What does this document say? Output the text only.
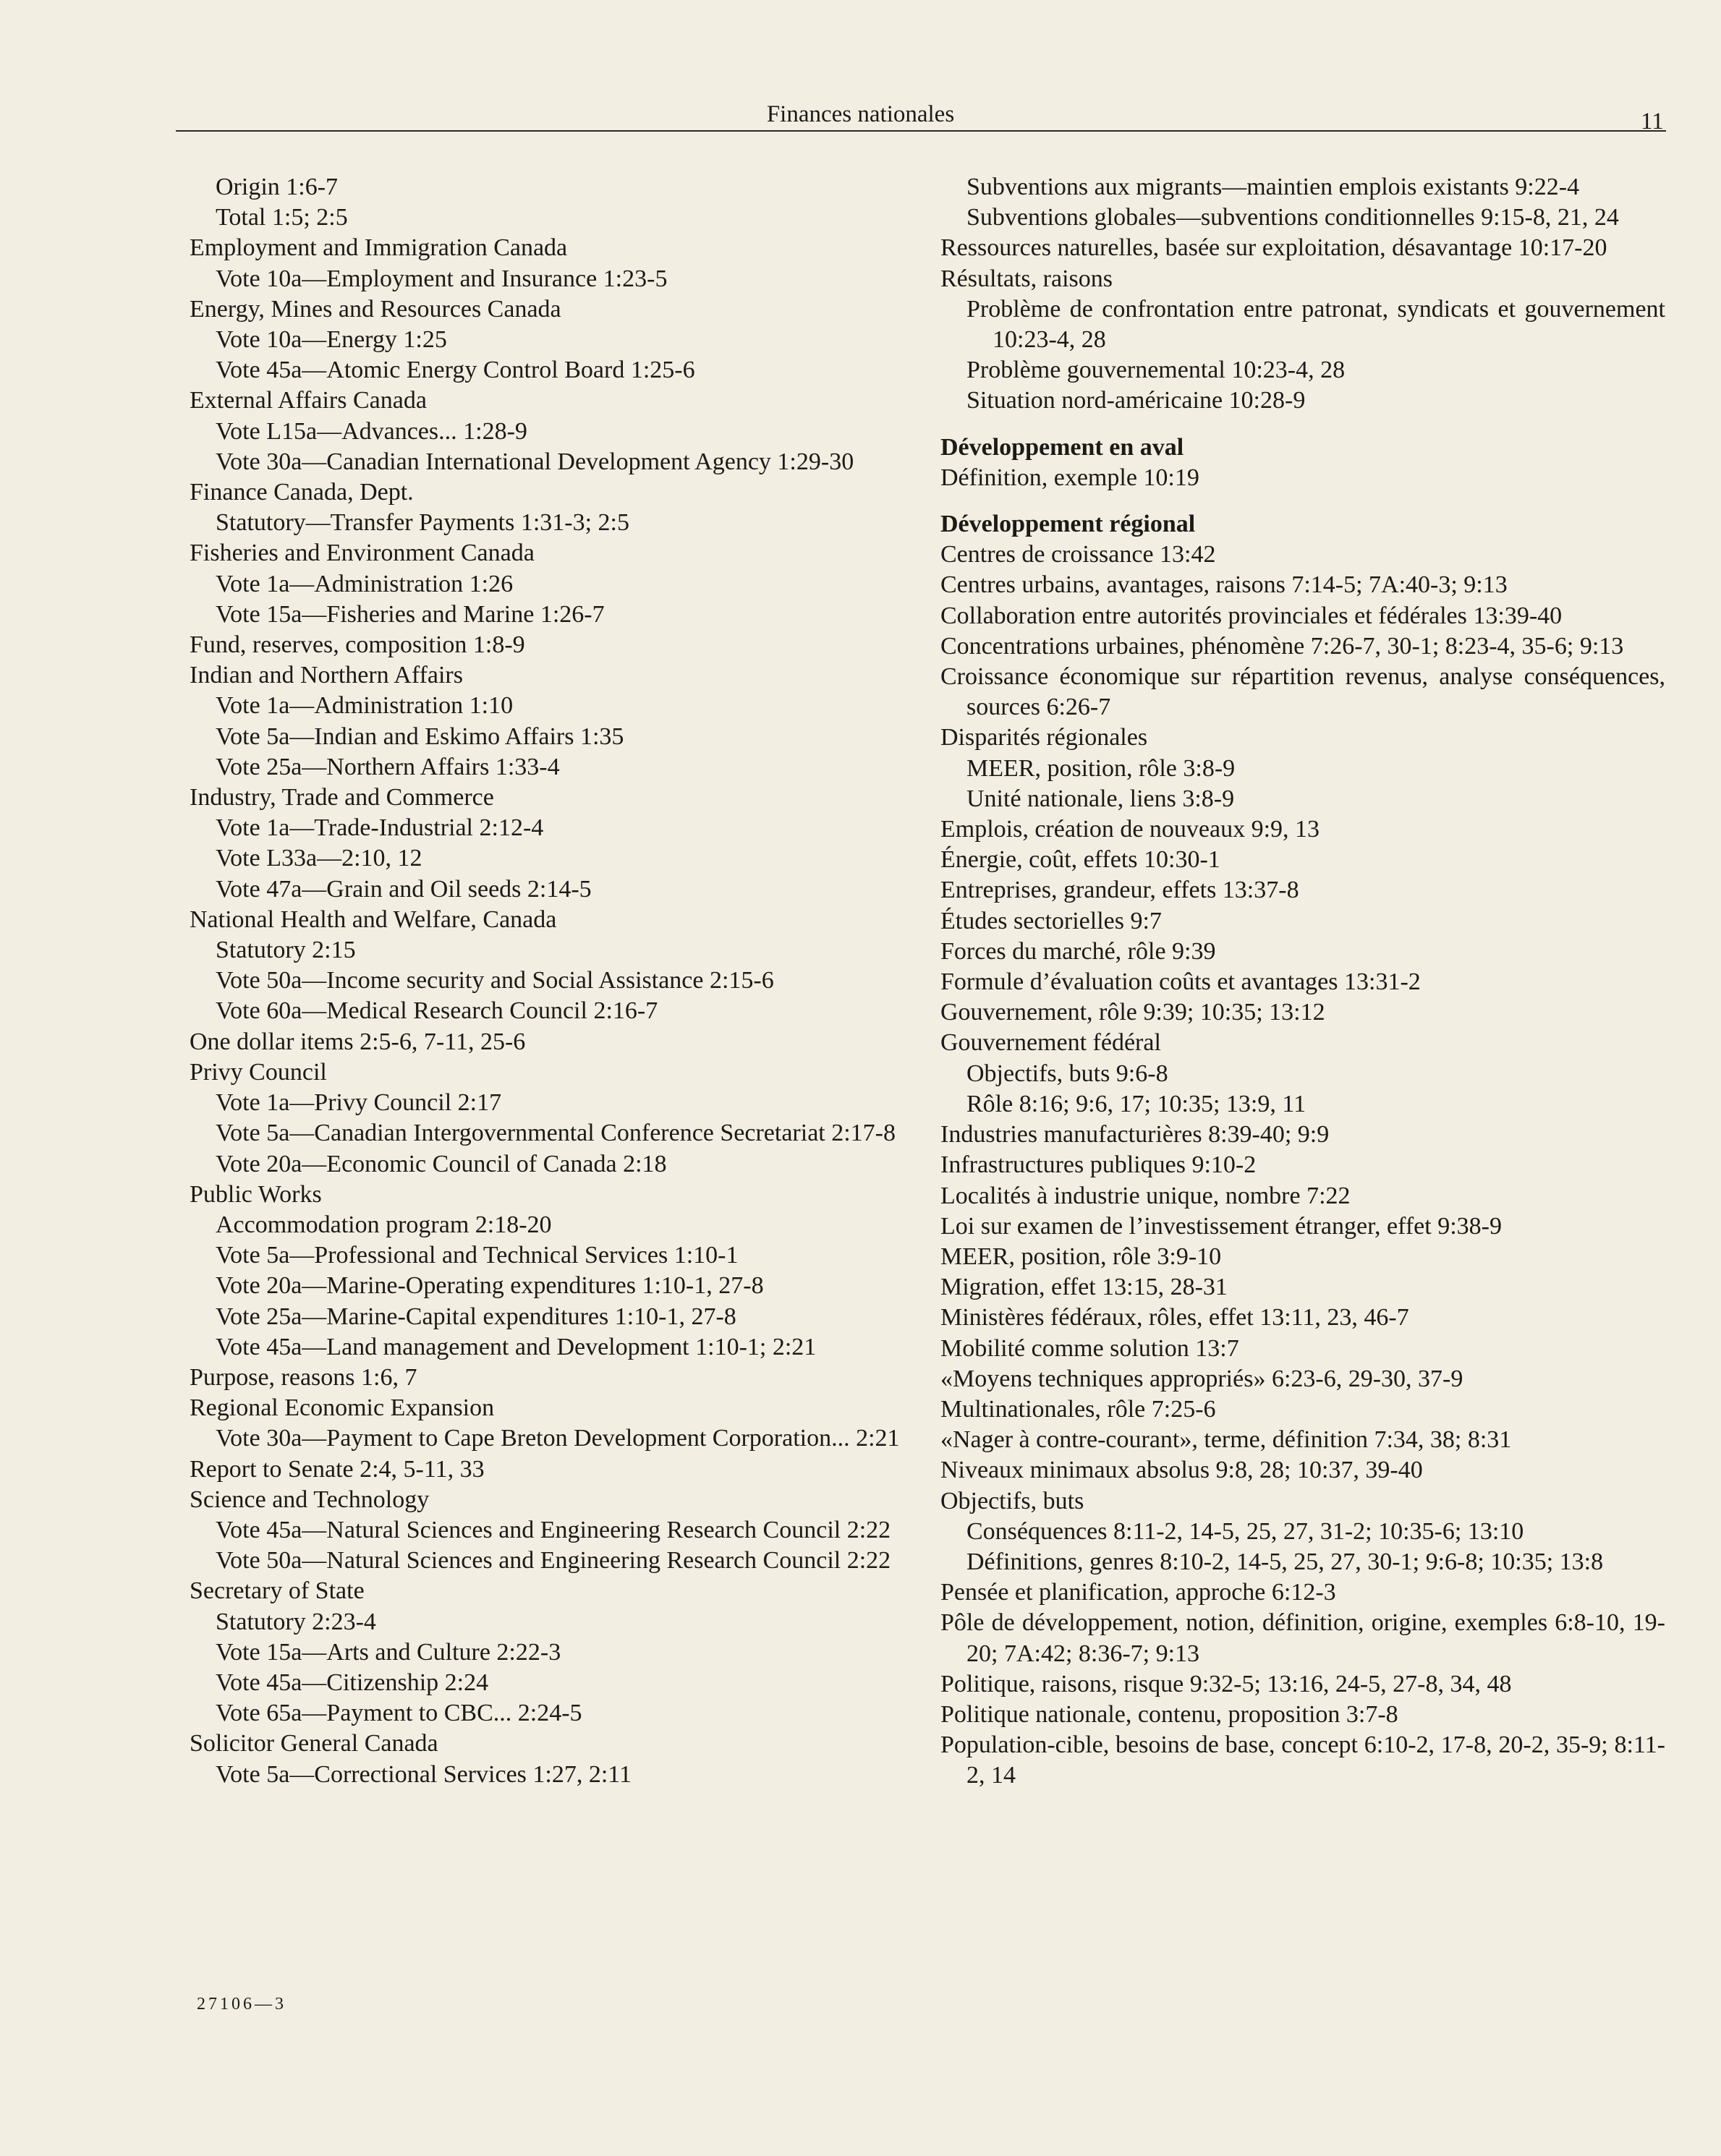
Finances nationales	11

Origin 1:6-7

Total 1:5; 2:5

Employment and Immigration Canada

Vote 10a—Employment and Insurance 1:23-5

Energy, Mines and Resources Canada

Vote 10a—Energy 1:25

Vote 45a—Atomic Energy Control Board 1:25-6

External Affairs Canada

Vote L15a—Advances... 1:28-9

Vote 30a—Canadian International Development Agency 1:29-30

Finance Canada, Dept.

Statutory—Transfer Payments 1:31-3; 2:5

Fisheries and Environment Canada

Vote 1a—Administration 1:26

Vote 15a—Fisheries and Marine 1:26-7

Fund, reserves, composition 1:8-9

Indian and Northern Affairs

Vote 1a—Administration 1:10

Vote 5a—Indian and Eskimo Affairs 1:35

Vote 25a—Northern Affairs 1:33-4

Industry, Trade and Commerce

Vote 1a—Trade-Industrial 2:12-4

Vote L33a—2:10, 12

Vote 47a—Grain and Oil seeds 2:14-5

National Health and Welfare, Canada

Statutory 2:15

Vote 50a—Income security and Social Assistance 2:15-6

Vote 60a—Medical Research Council 2:16-7

One dollar items 2:5-6, 7-11, 25-6

Privy Council

Vote 1a—Privy Council 2:17

Vote 5a—Canadian Intergovernmental Conference Secretariat 2:17-8

Vote 20a—Economic Council of Canada 2:18

Public Works

Accommodation program 2:18-20

Vote 5a—Professional and Technical Services 1:10-1

Vote 20a—Marine-Operating expenditures 1:10-1, 27-8

Vote 25a—Marine-Capital expenditures 1:10-1, 27-8

Vote 45a—Land management and Development 1:10-1; 2:21

Purpose, reasons 1:6, 7

Regional Economic Expansion

Vote 30a—Payment to Cape Breton Development Corporation... 2:21

Report to Senate 2:4, 5-11, 33

Science and Technology

Vote 45a—Natural Sciences and Engineering Research Council 2:22

Vote 50a—Natural Sciences and Engineering Research Council 2:22

Secretary of State

Statutory 2:23-4

Vote 15a—Arts and Culture 2:22-3

Vote 45a—Citizenship 2:24

Vote 65a—Payment to CBC... 2:24-5

Solicitor General Canada

Vote 5a—Correctional Services 1:27, 2:11

Subventions aux migrants—maintien emplois existants 9:22-4

Subventions globales—subventions conditionnelles 9:15-8, 21, 24

Ressources naturelles, basée sur exploitation, désavantage 10:17-20

Résultats, raisons

Problème de confrontation entre patronat, syndicats et gouvernement 10:23-4, 28

Problème gouvernemental 10:23-4, 28

Situation nord-américaine 10:28-9

Développement en aval

Définition, exemple 10:19

Développement régional

Centres de croissance 13:42

Centres urbains, avantages, raisons 7:14-5; 7A:40-3; 9:13

Collaboration entre autorités provinciales et fédérales 13:39-40

Concentrations urbaines, phénomène 7:26-7, 30-1; 8:23-4, 35-6; 9:13

Croissance économique sur répartition revenus, analyse conséquences, sources 6:26-7

Disparités régionales

MEER, position, rôle 3:8-9

Unité nationale, liens 3:8-9

Emplois, création de nouveaux 9:9, 13

Énergie, coût, effets 10:30-1

Entreprises, grandeur, effets 13:37-8

Études sectorielles 9:7

Forces du marché, rôle 9:39

Formule d’évaluation coûts et avantages 13:31-2

Gouvernement, rôle 9:39; 10:35; 13:12

Gouvernement fédéral

Objectifs, buts 9:6-8

Rôle 8:16; 9:6, 17; 10:35; 13:9, 11

Industries manufacturières 8:39-40; 9:9

Infrastructures publiques 9:10-2

Localités à industrie unique, nombre 7:22

Loi sur examen de l’investissement étranger, effet 9:38-9

MEER, position, rôle 3:9-10

Migration, effet 13:15, 28-31

Ministères fédéraux, rôles, effet 13:11, 23, 46-7

Mobilité comme solution 13:7

«Moyens techniques appropriés» 6:23-6, 29-30, 37-9

Multinationales, rôle 7:25-6

«Nager à contre-courant», terme, définition 7:34, 38; 8:31

Niveaux minimaux absolus 9:8, 28; 10:37, 39-40

Objectifs, buts

Conséquences 8:11-2, 14-5, 25, 27, 31-2; 10:35-6; 13:10

Définitions, genres 8:10-2, 14-5, 25, 27, 30-1; 9:6-8; 10:35; 13:8

Pensée et planification, approche 6:12-3

Pôle de développement, notion, définition, origine, exemples 6:8-10, 19-20; 7A:42; 8:36-7; 9:13

Politique, raisons, risque 9:32-5; 13:16, 24-5, 27-8, 34, 48

Politique nationale, contenu, proposition 3:7-8

Population-cible, besoins de base, concept 6:10-2, 17-8, 20-2, 35-9; 8:11-2, 14

27106—3
